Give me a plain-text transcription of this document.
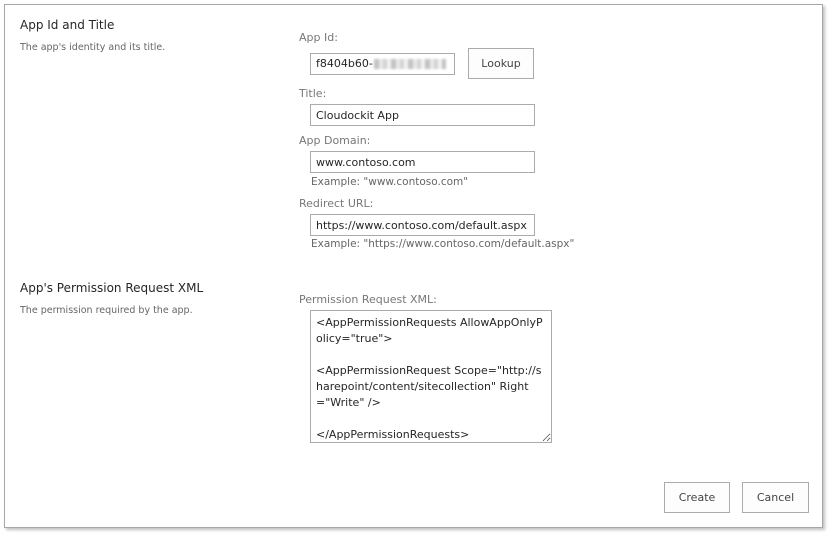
App Id and Title
The app's identity and its title.
App Id:
f8404b60-	Lookup
Title:
Cloudockit App
App Domain:
www.contoso.com
Example: "www.contoso.com"
Redirect URL:
https://www.contoso.com/default.aspx
Example: "https://www.contoso.com/default.aspx"
App's Permission Request XML
The permission required by the app.
Permission Request XML:
<AppPermissionRequests AllowAppOnlyPolicy="true"> <AppPermissionRequest Scope="http://sharepoint/content/sitecollection" Right="Write" /> </AppPermissionRequests>
Create	Cancel
